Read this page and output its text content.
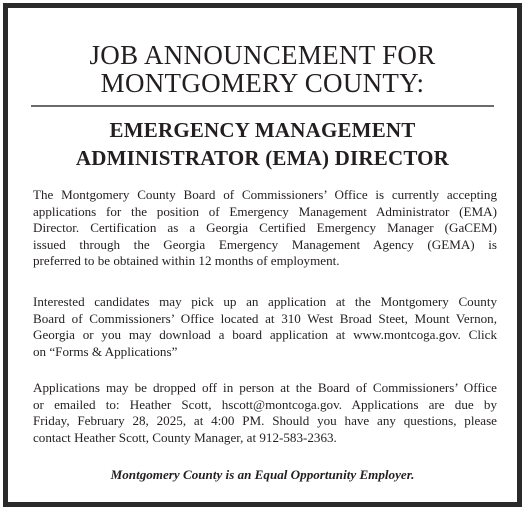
JOB ANNOUNCEMENT FOR
MONTGOMERY COUNTY:
EMERGENCY MANAGEMENT
ADMINISTRATOR (EMA) DIRECTOR

The Montgomery County Board of Commissioners’ Office is currently accepting
applications for the position of Emergency Management Administrator (EMA)
Director. Certification as a Georgia Certified Emergency Manager (GaCEM)
issued through the Georgia Emergency Management Agency (GEMA) is
preferred to be obtained within 12 months of employment.

Interested candidates may pick up an application at the Montgomery County
Board of Commissioners’ Office located at 310 West Broad Steet, Mount Vernon,
Georgia or you may download a board application at www.montcoga.gov. Click
on “Forms & Applications”

Applications may be dropped off in person at the Board of Commissioners’ Office
or emailed to: Heather Scott, hscott@montcoga.gov. Applications are due by
Friday, February 28, 2025, at 4:00 PM. Should you have any questions, please
contact Heather Scott, County Manager, at 912-583-2363.

Montgomery County is an Equal Opportunity Employer.
